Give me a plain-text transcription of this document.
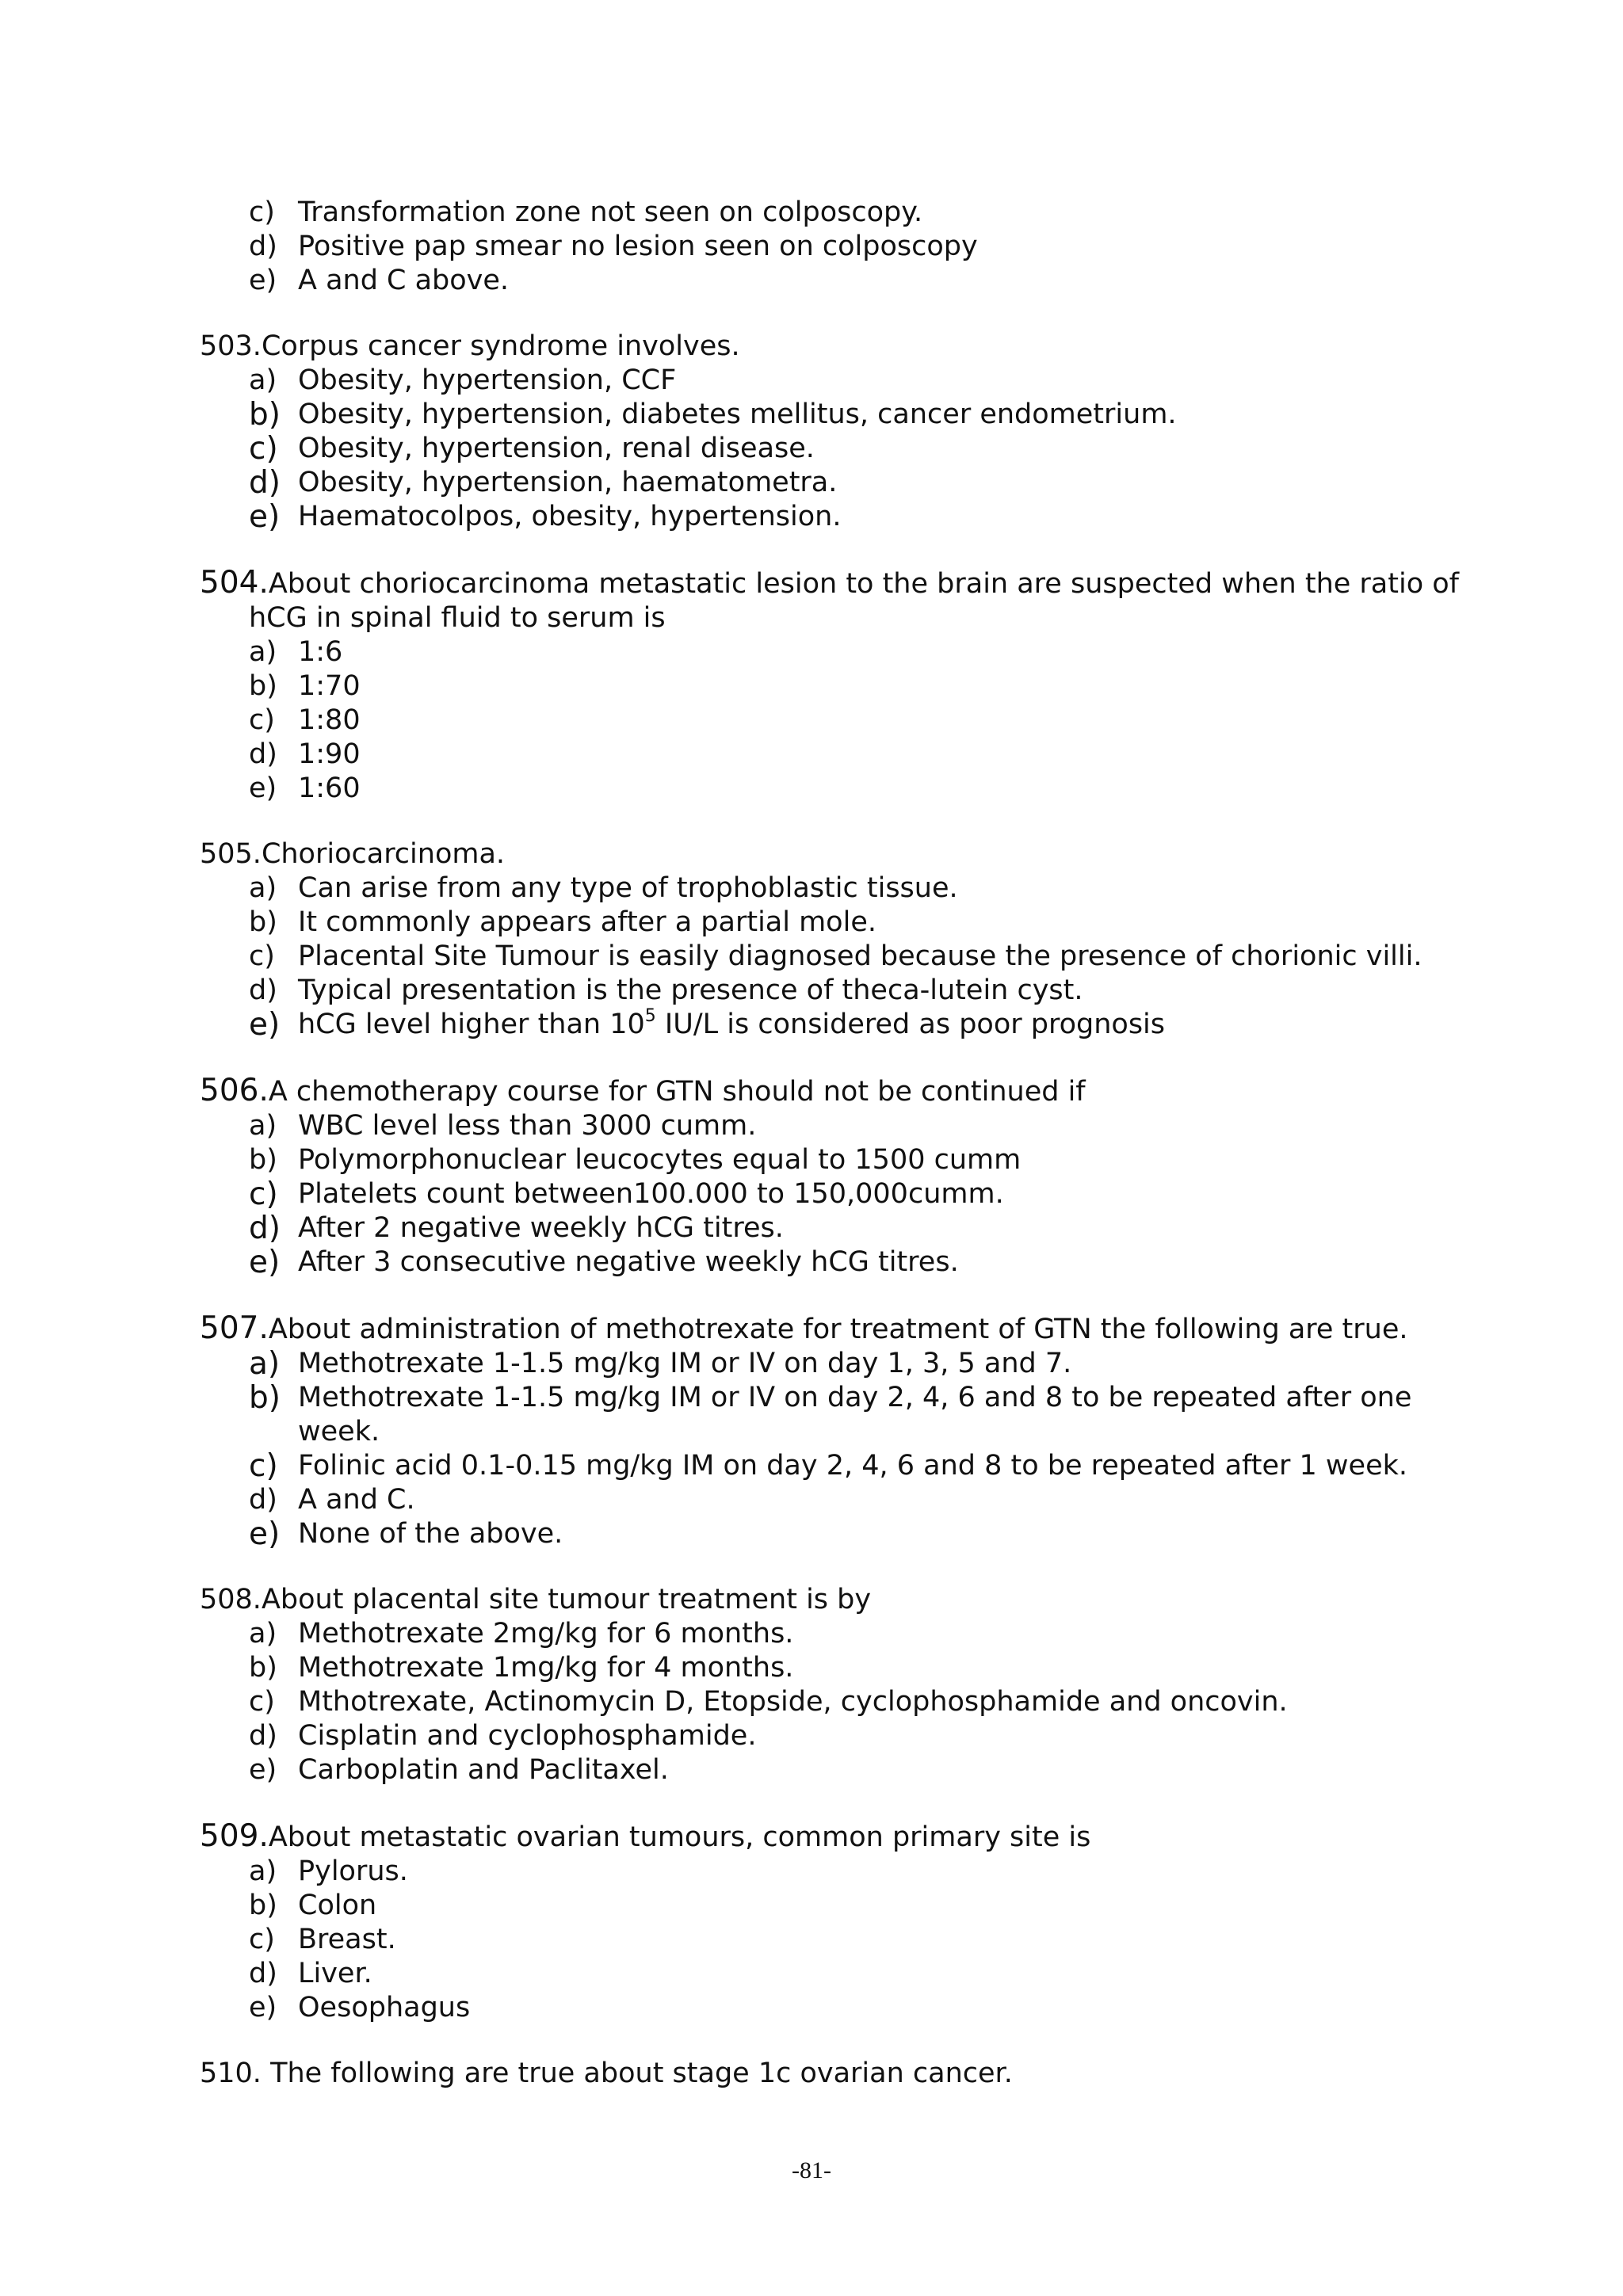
c) Transformation zone not seen on colposcopy.
d) Positive pap smear no lesion seen on colposcopy
e) A and C above.
503.Corpus cancer syndrome involves.
a) Obesity, hypertension, CCF
b) Obesity, hypertension, diabetes mellitus, cancer endometrium.
c) Obesity, hypertension, renal disease.
d) Obesity, hypertension, haematometra.
e) Haematocolpos, obesity, hypertension.
504.About choriocarcinoma metastatic lesion to the brain are suspected when the ratio of hCG in spinal fluid to serum is
a) 1:6
b) 1:70
c) 1:80
d) 1:90
e) 1:60
505.Choriocarcinoma.
a) Can arise from any type of trophoblastic tissue.
b) It commonly appears after a partial mole.
c) Placental Site Tumour is easily diagnosed because the presence of chorionic villi.
d) Typical presentation is the presence of theca-lutein cyst.
e) hCG level higher than $10^5$ IU/L is considered as poor prognosis
506.A chemotherapy course for GTN should not be continued if
a) WBC level less than 3000 cumm.
b) Polymorphonuclear leucocytes equal to 1500 cumm
c) Platelets count between100.000 to 150,000cumm.
d) After 2 negative weekly hCG titres.
e) After 3 consecutive negative weekly hCG titres.
507.About administration of methotrexate for treatment of GTN the following are true.
a) Methotrexate 1-1.5 mg/kg IM or IV on day 1, 3, 5 and 7.
b) Methotrexate 1-1.5 mg/kg IM or IV on day 2, 4, 6 and 8 to be repeated after one week.
c) Folinic acid 0.1-0.15 mg/kg IM on day 2, 4, 6 and 8 to be repeated after 1 week.
d) A and C.
e) None of the above.
508.About placental site tumour treatment is by
a) Methotrexate 2mg/kg for 6 months.
b) Methotrexate 1mg/kg for 4 months.
c) Mthotrexate, Actinomycin D, Etopside, cyclophosphamide and oncovin.
d) Cisplatin and cyclophosphamide.
e) Carboplatin and Paclitaxel.
509.About metastatic ovarian tumours, common primary site is
a) Pylorus.
b) Colon
c) Breast.
d) Liver.
e) Oesophagus
510. The following are true about stage 1c ovarian cancer.
-81-
